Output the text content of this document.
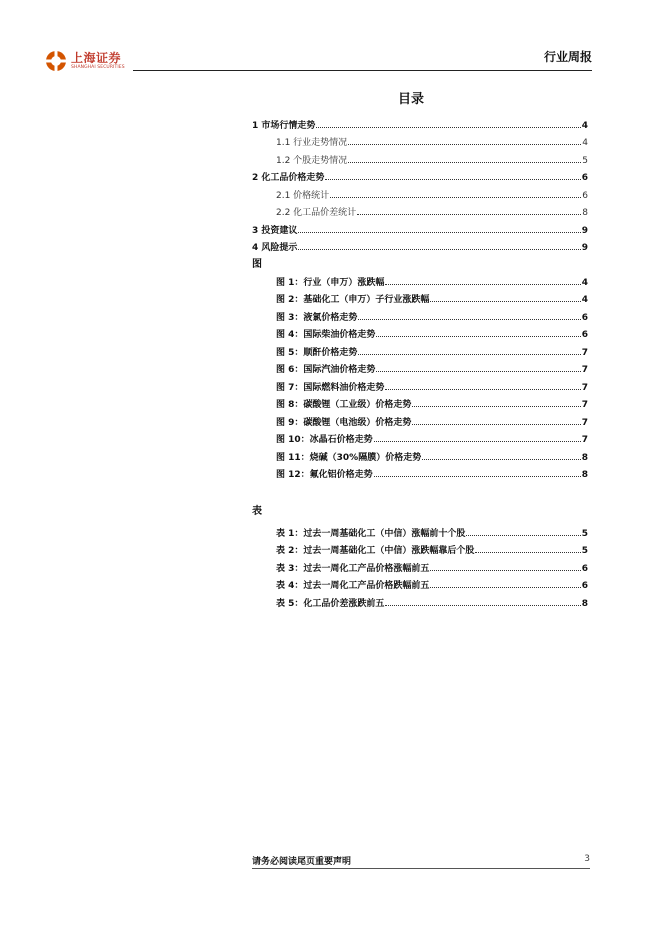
上海证券
SHANGHAI SECURITIES
行业周报
目录
1 市场行情走势	4
1.1 行业走势情况	4
1.2 个股走势情况	5
2 化工品价格走势	6
2.1 价格统计	6
2.2 化工品价差统计	8
3 投资建议	9
4 风险提示	9
图
图 1：行业（申万）涨跌幅	4
图 2：基础化工（申万）子行业涨跌幅	4
图 3：液氯价格走势	6
图 4：国际柴油价格走势	6
图 5：顺酐价格走势	7
图 6：国际汽油价格走势	7
图 7：国际燃料油价格走势	7
图 8：碳酸锂（工业级）价格走势	7
图 9：碳酸锂（电池级）价格走势	7
图 10：冰晶石价格走势	7
图 11：烧碱（30%隔膜）价格走势	8
图 12：氟化铝价格走势	8
表
表 1：过去一周基础化工（中信）涨幅前十个股	5
表 2：过去一周基础化工（中信）涨跌幅靠后个股	5
表 3：过去一周化工产品价格涨幅前五	6
表 4：过去一周化工产品价格跌幅前五	6
表 5：化工品价差涨跌前五	8
请务必阅读尾页重要声明	3
